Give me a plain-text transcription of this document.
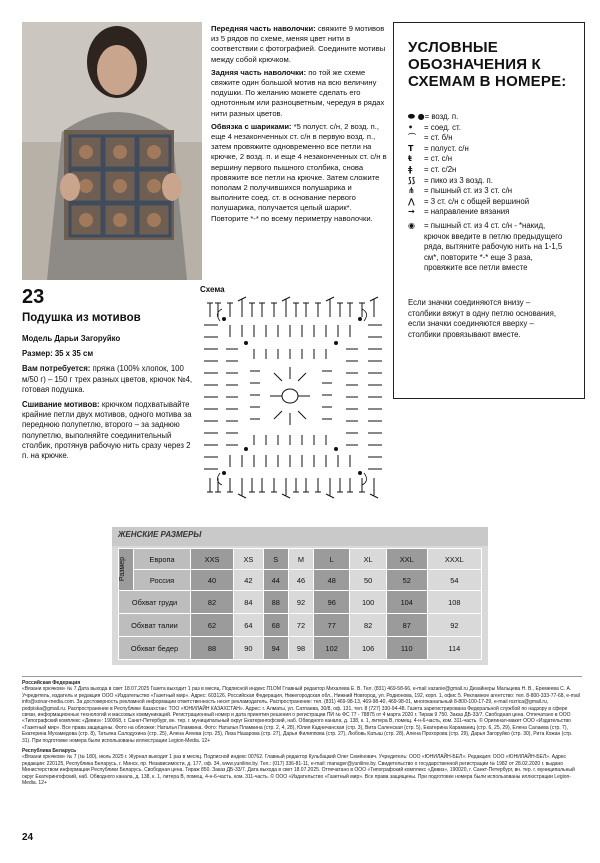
Передняя часть наволочки: свяжите 9 мотивов из 5 рядов по схеме, меняя цвет нити в соответствии с фотографией. Соедините мотивы между собой крючком.
Задняя часть наволочки: по той же схеме свяжите один большой мотив на всю величину подушки. По желанию можете сделать его однотонным или разноцветным, чередуя в рядах нити разных цветов.
Обвязка с шариками: *5 полуст. с/н, 2 возд. п., еще 4 незаконченных ст. с/н в первую возд. п., затем провяжите одновременно все петли на крючке, 2 возд. п. и еще 4 незаконченных ст. с/н в вершину первого пышного столбика, снова провяжите все петли на крючке. Затем сложите пополам 2 получившихся полушарика и выполните соед. ст. в основание первого полушарика, получается целый шарик*. Повторите *-* по всему периметру наволочки.
УСЛОВНЫЕ ОБОЗНАЧЕНИЯ К СХЕМАМ В НОМЕРЕ:
⬬ ● = возд. п.
•	= соед. ст.
⌒	= ст. б/н
T	= полуст. с/н
ŧ	= ст. с/н
ǂ	= ст. с/2н
⟆⟆	= пико из 3 возд. п.
⋔	= пышный ст. из 3 ст. с/н
⋀	= 3 ст. с/н с общей вершиной
→	= направление вязания
◉	= пышный ст. из 4 ст. с/н - *накид, крючок введите в петлю предыдущего ряда, вытяните рабочую нить на 1-1,5 см*, повторите *-* еще 3 раза, провяжите все петли вместе
Если значки соединяются внизу – столбики вяжут в одну петлю основания, если значки соединяются вверху – столбики провязывают вместе.
23
Подушка из мотивов
Модель Дарьи Загоруйко
Размер: 35 х 35 см
Вам потребуется: пряжа (100% хлопок, 100 м/50 г) – 150 г трех разных цветов, крючок №4, готовая подушка.
Сшивание мотивов: крючком подхватывайте крайние петли двух мотивов, одного мотива за переднюю полупетлю, второго – за заднюю полупетлю, выполняйте соединительный столбик, протянув рабочую нить сразу через 2 п. на крючке.
Схема
ЖЕНСКИЕ РАЗМЕРЫ
Размер	Европа	XXS	XS	S	M	L	XL	XXL	XXXL
	Россия	40	42	44	46	48	50	52	54
Обхват груди		82	84	88	92	96	100	104	108
Обхват талии		62	64	68	72	77	82	87	92
Обхват бедер		88	90	94	98	102	106	110	114
Российская Федерация
«Вязани хрючком» № 7 Дата выхода в свет 18.07.2025 Газета выходит 1 раз в месяц. Подписной индекс П1ОМ Главный редактор Михалева Е. В. Тел. (831) 469-58-66, e-mail vazanie@gmail.ru Дизайнеры Мальцева Н. В., Еремеева С. А. Учредитель, издатель и редакция ООО «Издательство «Газетный мир». Адрес: 603126, Российская Федерация, Нижегородская обл., Нижний Новгород, ул. Родионова, 192, корп. 1, офис 5. Рекламное агентство: тел. 8-800-333-77-68, e-mail info@sonar-media.com. За достоверность рекламной информации ответственность несет рекламодатель. Распространение: тел. (831) 469-98-13, 469-98-40, 469-98-01, многоканальный 8-800-100-17-29, e-mail rozrica@gmail.ru, podpiska@gmail.ru. Распространение в Республике Казахстан: ТОО «ЮНИЛАЙН КАЗАХСТАН». Адрес: г. Алматы, ул. Сатпаева, 30/8, оф. 131, тел. 8 (727) 330-94-48. Газета зарегистрирована Федеральной службой по надзору в сфере связи, информационных технологий и массовых коммуникаций. Регистрационный номер и дата принятия решения о регистрации ПИ № ФС 77 - 78875 от 4 марта 2020 г. Тираж 9 750. Заказ ДБ-33/7. Свободная цена. Отпечатано в ООО «Типографский комплекс «Девиз»: 190068, г. Санкт-Петербург, вн. тер. г. муниципальный округ Екатерингофский, наб. Обводного канала, д. 138, к. 1, литера В, помещ. 4-н-6-часть, ком. 311-часть. © Оригинал-макет ООО «Издательство «Газетный мир». Все права защищены. Фото на обложке: Наталья Пламкина. Фото: Наталья Пламкина (стр. 2, 4, 28), Юлия Кадничанская (стр. 3), Вита Саленская (стр. 5), Екатерина Караманиц (стр. 6, 25, 29), Елена Салаева (стр. 7), Екатерина Мухамедова (стр. 8), Татьяна Салодухина (стр. 25), Алена Агеева (стр. 25), Лиза Назарова (стр. 27), Дарья Филиппова (стр. 27), Любовь Катыш (стр. 28), Алена Прохорова (стр. 29), Дарья Загоруйко (стр. 30), Рита Кожан (стр. 31). При подготовке номера были использованы иллюстрации Legion-Media. 12+
Республика Беларусь
«Вязани хрючком» № 7 (№ 180), июль 2025 г. Журнал выходит 1 раз в месяц. Подписной индекс 00762. Главный редактор Кульбацкий Олег Семёнович. Учредитель: ООО «ЮНИЛАЙН-БЕЛ». Редакция: ООО «ЮНИЛАЙН-БЕЛ». Адрес редакции: 220125, Республика Беларусь, г. Минск, пр. Независимости, д. 177, оф. 34, www.yuniline.by. Тел.: (017) 336-81-11, e-mail: manager@yuniline.by. Свидетельство о государственной регистрации № 1982 от 28.02.2020 г. выдано Министерством информации Республики Беларусь. Свободная цена. Тираж 850. Заказ ДБ-33/7. Дата выхода в свет 18.07.2025. Отпечатано в ООО «Типографский комплекс «Девиз», 190020, г. Санкт-Петербург, вн. тер. г. муниципальный округ Екатерингофский, наб. Обводного канала, д. 138, к. 1, литера В, помещ. 4-н-6-часть, ком. 311-часть. © ООО «Издательство «Газетный мир». Все права защищены. При подготовке номера были использованы иллюстрации Legion-Media. 12+
24
